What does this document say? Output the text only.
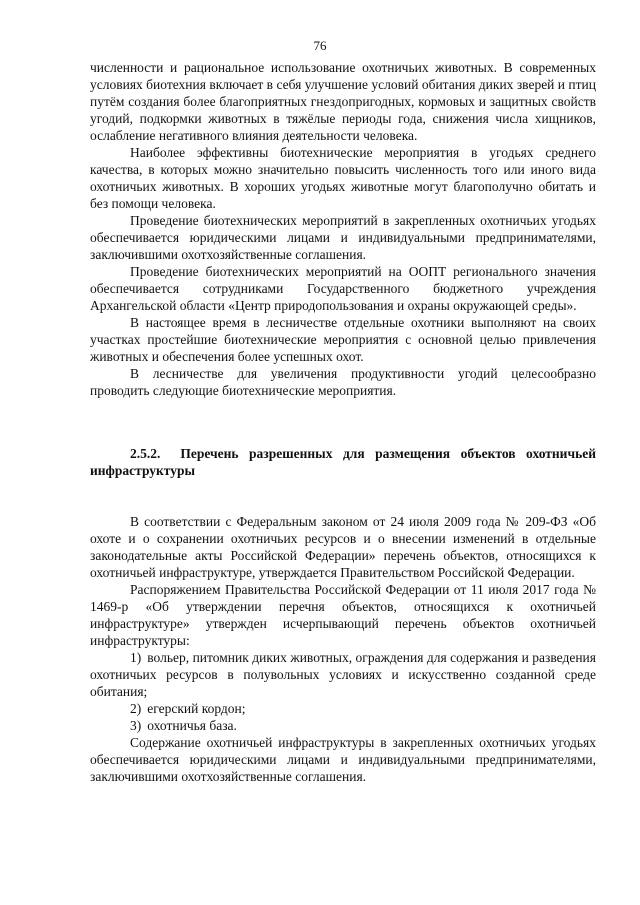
76

численности и рациональное использование охотничьих животных. В современных условиях биотехния включает в себя улучшение условий обитания диких зверей и птиц путём создания более благоприятных гнездопригодных, кормовых и защитных свойств угодий, подкормки животных в тяжёлые периоды года, снижения числа хищников, ослабление негативного влияния деятельности человека.

Наиболее эффективны биотехнические мероприятия в угодьях среднего качества, в которых можно значительно повысить численность того или иного вида охотничьих животных. В хороших угодьях животные могут благополучно обитать и без помощи человека.

Проведение биотехнических мероприятий в закрепленных охотничьих угодьях обеспечивается юридическими лицами и индивидуальными предпринимателями, заключившими охотхозяйственные соглашения.

Проведение биотехнических мероприятий на ООПТ регионального значения обеспечивается сотрудниками Государственного бюджетного учреждения Архангельской области «Центр природопользования и охраны окружающей среды».

В настоящее время в лесничестве отдельные охотники выполняют на своих участках простейшие биотехнические мероприятия с основной целью привлечения животных и обеспечения более успешных охот.

В лесничестве для увеличения продуктивности угодий целесообразно проводить следующие биотехнические мероприятия.

2.5.2. Перечень разрешенных для размещения объектов охотничьей инфраструктуры

В соответствии с Федеральным законом от 24 июля 2009 года № 209-ФЗ «Об охоте и о сохранении охотничьих ресурсов и о внесении изменений в отдельные законодательные акты Российской Федерации» перечень объектов, относящихся к охотничьей инфраструктуре, утверждается Правительством Российской Федерации.

Распоряжением Правительства Российской Федерации от 11 июля 2017 года № 1469-р «Об утверждении перечня объектов, относящихся к охотничьей инфраструктуре» утвержден исчерпывающий перечень объектов охотничьей инфраструктуры:

1) вольер, питомник диких животных, ограждения для содержания и разведения охотничьих ресурсов в полувольных условиях и искусственно созданной среде обитания;
2) егерский кордон;
3) охотничья база.

Содержание охотничьей инфраструктуры в закрепленных охотничьих угодьях обеспечивается юридическими лицами и индивидуальными предпринимателями, заключившими охотхозяйственные соглашения.
